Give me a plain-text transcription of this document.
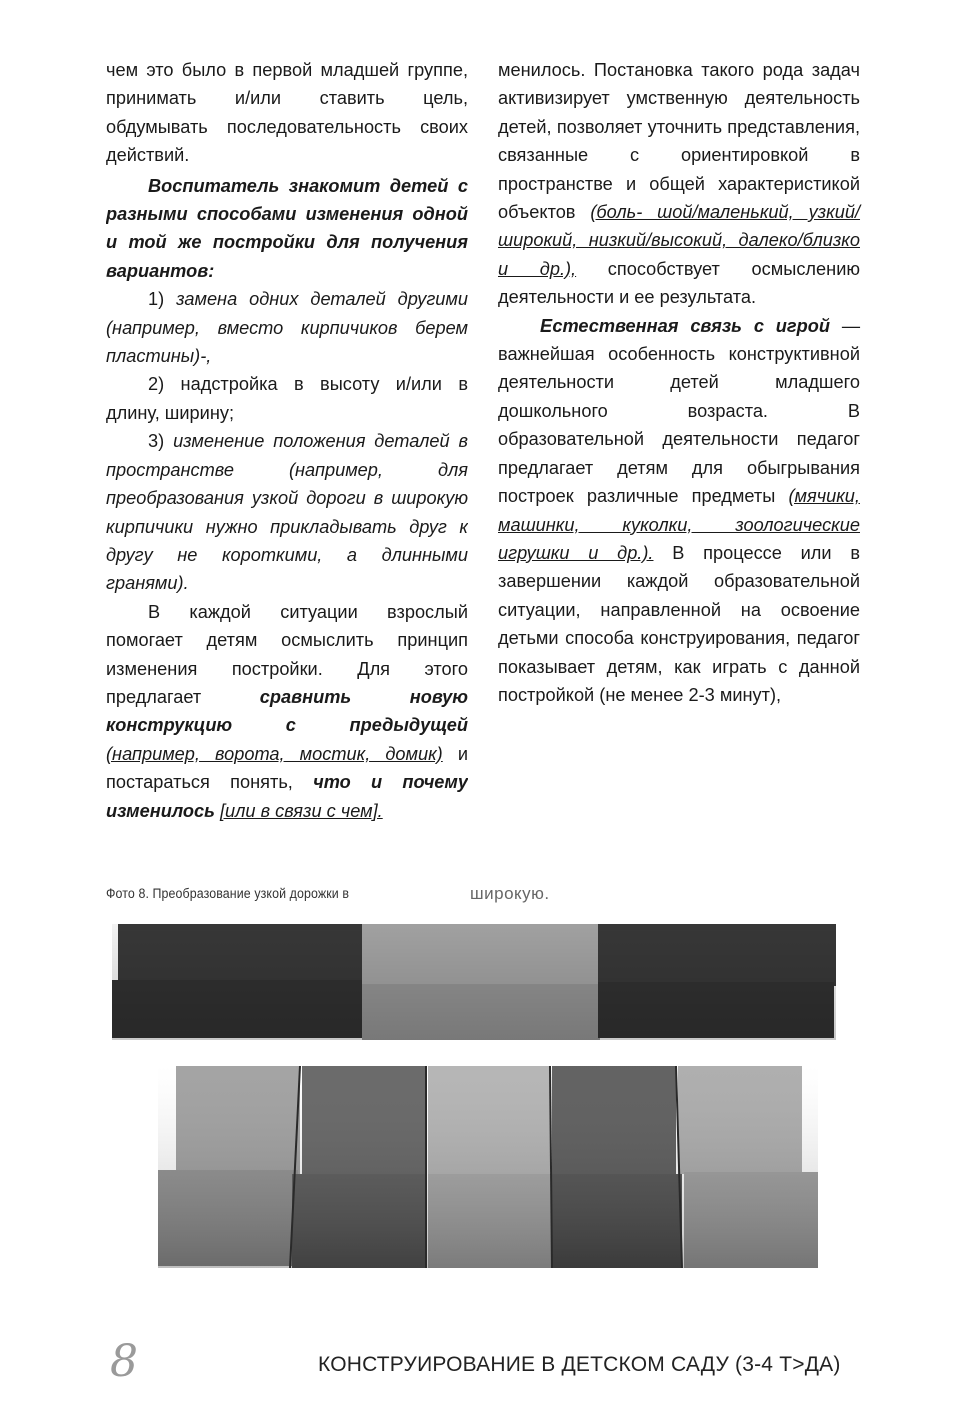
чем это было в первой младшей группе, принимать и/или ставить цель, обдумывать последовательность своих действий.

Воспитатель знакомит детей с разными способами изменения одной и той же постройки для получения вариантов:

1) замена одних деталей другими (например, вместо кирпичиков берем пластины)-,

2) надстройка в высоту и/или в длину, ширину;

3) изменение положения деталей в пространстве (например, для преобразования узкой дороги в широкую кирпичики нужно прикладывать друг к другу не короткими, а длинными гранями).

В каждой ситуации взрослый помогает детям осмыслить принцип изменения постройки. Для этого предлагает	сравнить новую конструкцию с предыдущей (например, ворота, мостик, домик) и постараться понять, что и почему изменилось [или в связи с чем].

менилось. Постановка такого рода задач активизирует умственную деятельность детей, позволяет уточнить представления, связанные с ориентировкой в пространстве и общей характеристикой объектов (боль- шой/маленький, узкий/широкий, низкий/высокий, далеко/близко и др.), способствует осмыслению деятельности и ее результата.

Естественная связь с игрой — важнейшая особенность конструктивной деятельности детей младшего дошкольного возраста. В образовательной деятельности педагог предлагает детям для обыгрывания построек различные предметы (мячики, машинки, куколки, зоологические игрушки и др.). В процессе или в завершении каждой образовательной ситуации, направленной на освоение детьми способа конструирования, педагог показывает детям, как играть с данной постройкой (не менее 2-3 минут),

Фото 8. Преобразование узкой дорожки в	широкую.
8	КОНСТРУИРОВАНИЕ В ДЕТСКОМ САДУ (3-4 Т>ДА)
